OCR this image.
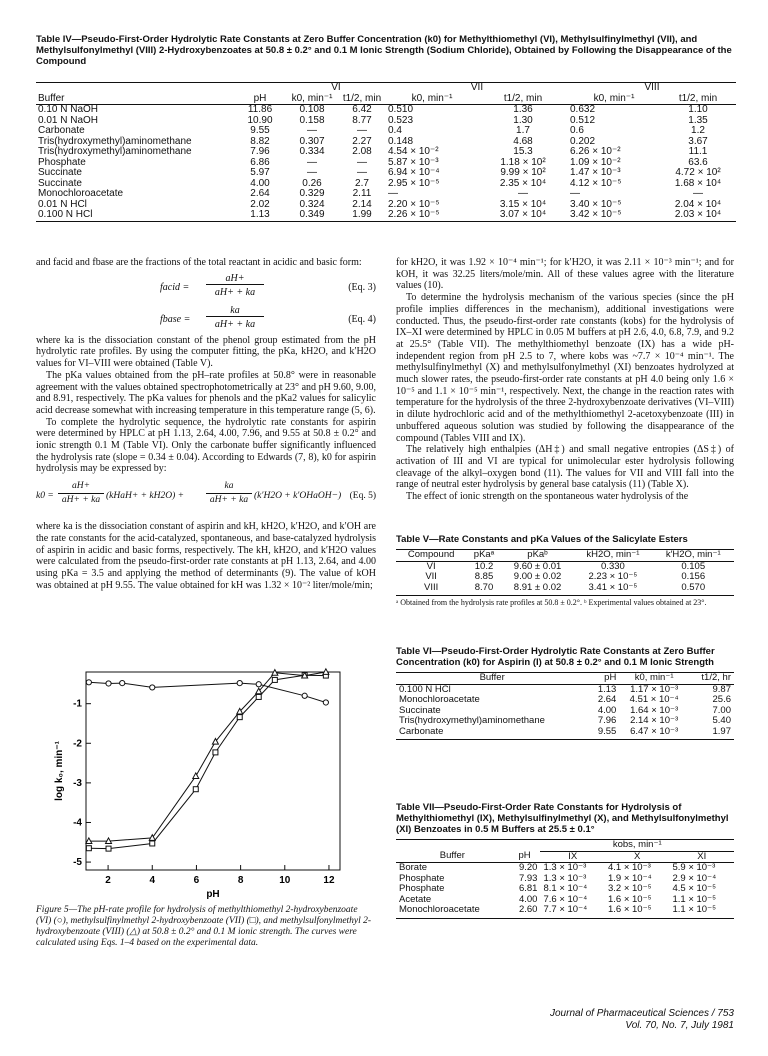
Table IV—Pseudo-First-Order Hydrolytic Rate Constants at Zero Buffer Concentration (k0) for Methylthiomethyl (VI), Methylsulfinylmethyl (VII), and Methylsulfonylmethyl (VIII) 2-Hydroxybenzoates at 50.8 ± 0.2° and 0.1 M Ionic Strength (Sodium Chloride), Obtained by Following the Disappearance of the Compound
		VI		VII		VIII	
Buffer	pH	k0, min⁻¹	t1/2, min	k0, min⁻¹	t1/2, min	k0, min⁻¹	t1/2, min
0.10 N NaOH	11.86	0.108	6.42	0.510	1.36	0.632	1.10
0.01 N NaOH	10.90	0.158	8.77	0.523	1.30	0.512	1.35
Carbonate	9.55	—	—	0.4	1.7	0.6	1.2
Tris(hydroxymethyl)aminomethane	8.82	0.307	2.27	0.148	4.68	0.202	3.67
Tris(hydroxymethyl)aminomethane	7.96	0.334	2.08	4.54 × 10⁻²	15.3	6.26 × 10⁻²	11.1
Phosphate	6.86	—	—	5.87 × 10⁻³	1.18 × 10²	1.09 × 10⁻²	63.6
Succinate	5.97	—	—	6.94 × 10⁻⁴	9.99 × 10²	1.47 × 10⁻³	4.72 × 10²
Succinate	4.00	0.26	2.7	2.95 × 10⁻⁵	2.35 × 10⁴	4.12 × 10⁻⁵	1.68 × 10⁴
Monochloroacetate	2.64	0.329	2.11	—	—	—	—
0.01 N HCl	2.02	0.324	2.14	2.20 × 10⁻⁵	3.15 × 10⁴	3.40 × 10⁻⁵	2.04 × 10⁴
0.100 N HCl	1.13	0.349	1.99	2.26 × 10⁻⁵	3.07 × 10⁴	3.42 × 10⁻⁵	2.03 × 10⁴

and facid and fbase are the fractions of the total reactant in acidic and basic form:

facid =
aH+
aH+ + ka	(Eq. 3)
fbase =
ka
aH+ + ka	(Eq. 4)

where ka is the dissociation constant of the phenol group estimated from the pH hydrolytic rate profiles. By using the computer fitting, the pKa, kH2O, and k′H2O values for VI–VIII were obtained (Table V).

The pKa values obtained from the pH–rate profiles at 50.8° were in reasonable agreement with the values obtained spectrophotometrically at 23° and pH 9.60, 9.00, and 8.91, respectively. The pKa values for phenols and the pKa2 values for salicylic acid decrease somewhat with increasing temperature in this temperature range (5, 6).

To complete the hydrolytic sequence, the hydrolytic rate constants for aspirin were determined by HPLC at pH 1.13, 2.64, 4.00, 7.96, and 9.55 at 50.8 ± 0.2° and ionic strength 0.1 M (Table VI). Only the carbonate buffer significantly influenced the hydrolysis rate (slope = 0.34 ± 0.04). According to Edwards (7, 8), k0 for aspirin hydrolysis may be expressed by:

k0 =
aH+
aH+ + ka (kHaH+ + kH2O) +
ka
aH+ + ka (k′H2O + k′OHaOH−) (Eq. 5)

where ka is the dissociation constant of aspirin and kH, kH2O, k′H2O, and k′OH are the rate constants for the acid-catalyzed, spontaneous, and base-catalyzed hydrolysis of aspirin in acidic and basic forms, respectively. The kH, kH2O, and k′H2O values were calculated from the pseudo-first-order rate constants at pH 1.13, 2.64, and 4.00 using pKa = 3.5 and applying the method of determinants (9). The value of kOH was obtained at pH 9.55. The value obtained for kH was 1.32 × 10⁻² liter/mole/min;

2	4	6	8	10	12
-1
-2
-3
-4
-5
pH
log k₀, min⁻¹
Figure 5—The pH-rate profile for hydrolysis of methylthiomethyl 2-hydroxybenzoate (VI) (○), methylsulfinylmethyl 2-hydroxybenzoate (VII) (□), and methylsulfonylmethyl 2-hydroxybenzoate (VIII) (△) at 50.8 ± 0.2° and 0.1 M ionic strength. The curves were calculated using Eqs. 1–4 based on the experimental data.

for kH2O, it was 1.92 × 10⁻⁴ min⁻¹; for k′H2O, it was 2.11 × 10⁻³ min⁻¹; and for kOH, it was 32.25 liters/mole/min. All of these values agree with the literature values (10).

To determine the hydrolysis mechanism of the various species (since the pH profile implies differences in the mechanism), additional investigations were conducted. Thus, the pseudo-first-order rate constants (kobs) for the hydrolysis of IX–XI were determined by HPLC in 0.05 M buffers at pH 2.6, 4.0, 6.8, 7.9, and 9.2 at 25.5° (Table VII). The methylthiomethyl benzoate (IX) has a wide pH-independent region from pH 2.5 to 7, where kobs was ~7.7 × 10⁻⁴ min⁻¹. The methylsulfinylmethyl (X) and methylsulfonylmethyl (XI) benzoates hydrolyzed at much slower rates, the pseudo-first-order rate constants at pH 4.0 being only 1.6 × 10⁻⁵ and 1.1 × 10⁻⁵ min⁻¹, respectively. Next, the change in the reaction rates with temperature for the hydrolysis of the three 2-hydroxybenzoate derivatives (VI–VIII) in dilute hydrochloric acid and of the methylthiomethyl 2-acetoxybenzoate (III) in unbuffered aqueous solution was studied by following the disappearance of the compound (Tables VIII and IX).

The relatively high enthalpies (ΔH‡) and small negative entropies (ΔS‡) of activation of III and VI are typical for unimolecular ester hydrolysis following cleavage of the alkyl–oxygen bond (11). The values for VII and VIII fall into the range of neutral ester hydrolysis by general base catalysis (11) (Table X).

The effect of ionic strength on the spontaneous water hydrolysis of the

Table V—Rate Constants and pKa Values of the Salicylate Esters
Compound	pKaᵃ	pKaᵇ	kH2O, min⁻¹	k′H2O, min⁻¹
VI	10.2	9.60 ± 0.01	0.330	0.105
VII	8.85	9.00 ± 0.02	2.23 × 10⁻⁵	0.156
VIII	8.70	8.91 ± 0.02	3.41 × 10⁻⁵	0.570

ᵃ Obtained from the hydrolysis rate profiles at 50.8 ± 0.2°. ᵇ Experimental values obtained at 23°.
Table VI—Pseudo-First-Order Hydrolytic Rate Constants at Zero Buffer Concentration (k0) for Aspirin (I) at 50.8 ± 0.2° and 0.1 M Ionic Strength
Buffer	pH	k0, min⁻¹	t1/2, hr
0.100 N HCl	1.13	1.17 × 10⁻³	9.87
Monochloroacetate	2.64	4.51 × 10⁻⁴	25.6
Succinate	4.00	1.64 × 10⁻³	7.00
Tris(hydroxymethyl)aminomethane	7.96	2.14 × 10⁻³	5.40
Carbonate	9.55	6.47 × 10⁻³	1.97

Table VII—Pseudo-First-Order Rate Constants for Hydrolysis of Methylthiomethyl (IX), Methylsulfinylmethyl (X), and Methylsulfonylmethyl (XI) Benzoates in 0.5 M Buffers at 25.5 ± 0.1°
		kobs, min⁻¹		
Buffer	pH	IX	X	XI
Borate	9.20	1.3 × 10⁻³	4.1 × 10⁻³	5.9 × 10⁻³
Phosphate	7.93	1.3 × 10⁻³	1.9 × 10⁻⁴	2.9 × 10⁻⁴
Phosphate	6.81	8.1 × 10⁻⁴	3.2 × 10⁻⁵	4.5 × 10⁻⁵
Acetate	4.00	7.6 × 10⁻⁴	1.6 × 10⁻⁵	1.1 × 10⁻⁵
Monochloroacetate	2.60	7.7 × 10⁻⁴	1.6 × 10⁻⁵	1.1 × 10⁻⁵

Journal of Pharmaceutical Sciences / 753
Vol. 70, No. 7, July 1981
